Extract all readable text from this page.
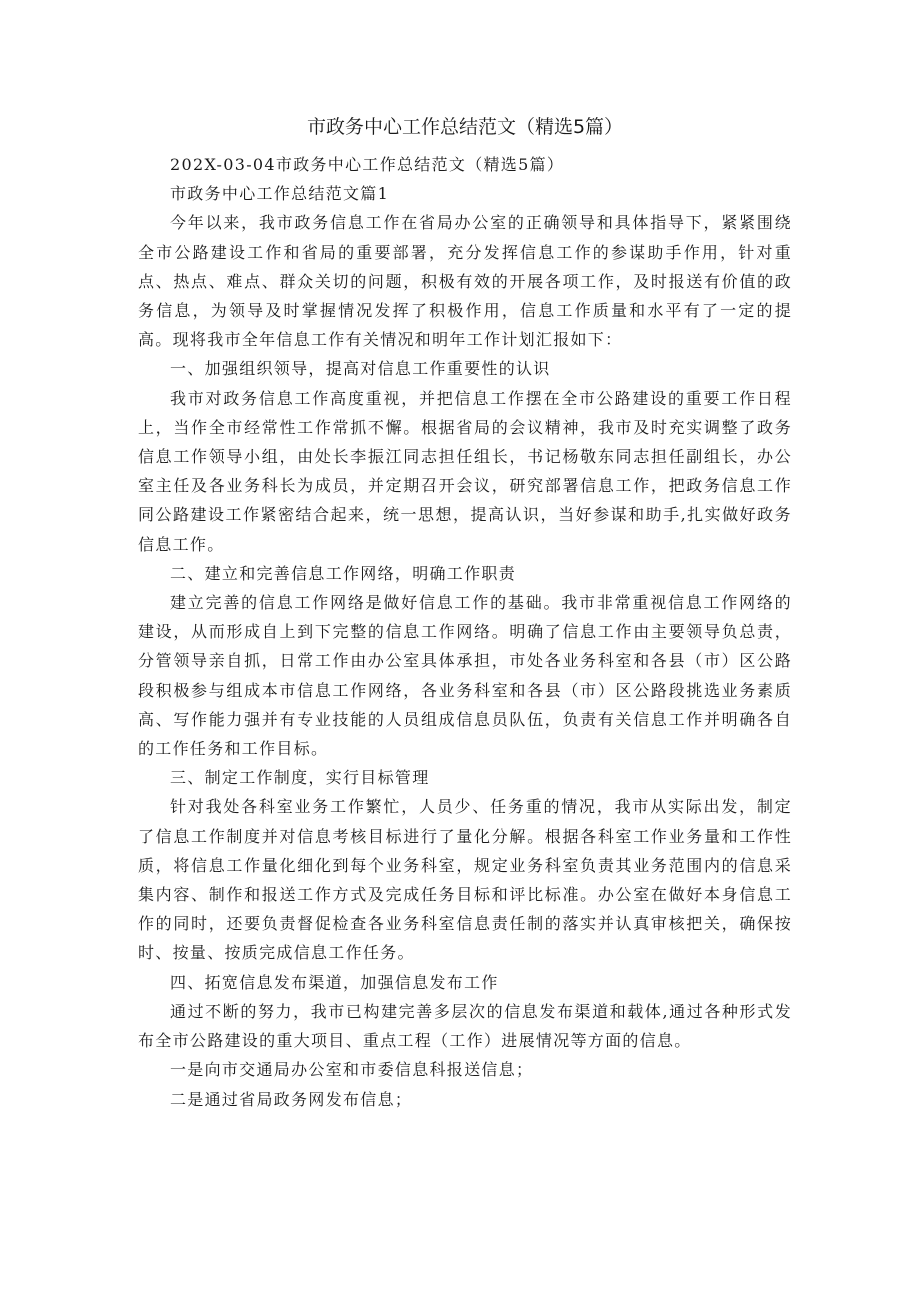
市政务中心工作总结范文（精选5篇）

202X-03-04市政务中心工作总结范文（精选5篇）

市政务中心工作总结范文篇1

今年以来，我市政务信息工作在省局办公室的正确领导和具体指导下，紧紧围绕全市公路建设工作和省局的重要部署，充分发挥信息工作的参谋助手作用，针对重点、热点、难点、群众关切的问题，积极有效的开展各项工作，及时报送有价值的政务信息，为领导及时掌握情况发挥了积极作用，信息工作质量和水平有了一定的提高。现将我市全年信息工作有关情况和明年工作计划汇报如下：

一、加强组织领导，提高对信息工作重要性的认识

我市对政务信息工作高度重视，并把信息工作摆在全市公路建设的重要工作日程上，当作全市经常性工作常抓不懈。根据省局的会议精神，我市及时充实调整了政务信息工作领导小组，由处长李振江同志担任组长，书记杨敬东同志担任副组长，办公室主任及各业务科长为成员，并定期召开会议，研究部署信息工作，把政务信息工作同公路建设工作紧密结合起来，统一思想，提高认识，当好参谋和助手,扎实做好政务信息工作。

二、建立和完善信息工作网络，明确工作职责

建立完善的信息工作网络是做好信息工作的基础。我市非常重视信息工作网络的建设，从而形成自上到下完整的信息工作网络。明确了信息工作由主要领导负总责，分管领导亲自抓，日常工作由办公室具体承担，市处各业务科室和各县（市）区公路段积极参与组成本市信息工作网络，各业务科室和各县（市）区公路段挑选业务素质高、写作能力强并有专业技能的人员组成信息员队伍，负责有关信息工作并明确各自的工作任务和工作目标。

三、制定工作制度，实行目标管理

针对我处各科室业务工作繁忙，人员少、任务重的情况，我市从实际出发，制定了信息工作制度并对信息考核目标进行了量化分解。根据各科室工作业务量和工作性质，将信息工作量化细化到每个业务科室，规定业务科室负责其业务范围内的信息采集内容、制作和报送工作方式及完成任务目标和评比标准。办公室在做好本身信息工作的同时，还要负责督促检查各业务科室信息责任制的落实并认真审核把关，确保按时、按量、按质完成信息工作任务。

四、拓宽信息发布渠道，加强信息发布工作

通过不断的努力，我市已构建完善多层次的信息发布渠道和载体,通过各种形式发布全市公路建设的重大项目、重点工程（工作）进展情况等方面的信息。

一是向市交通局办公室和市委信息科报送信息；

二是通过省局政务网发布信息；
